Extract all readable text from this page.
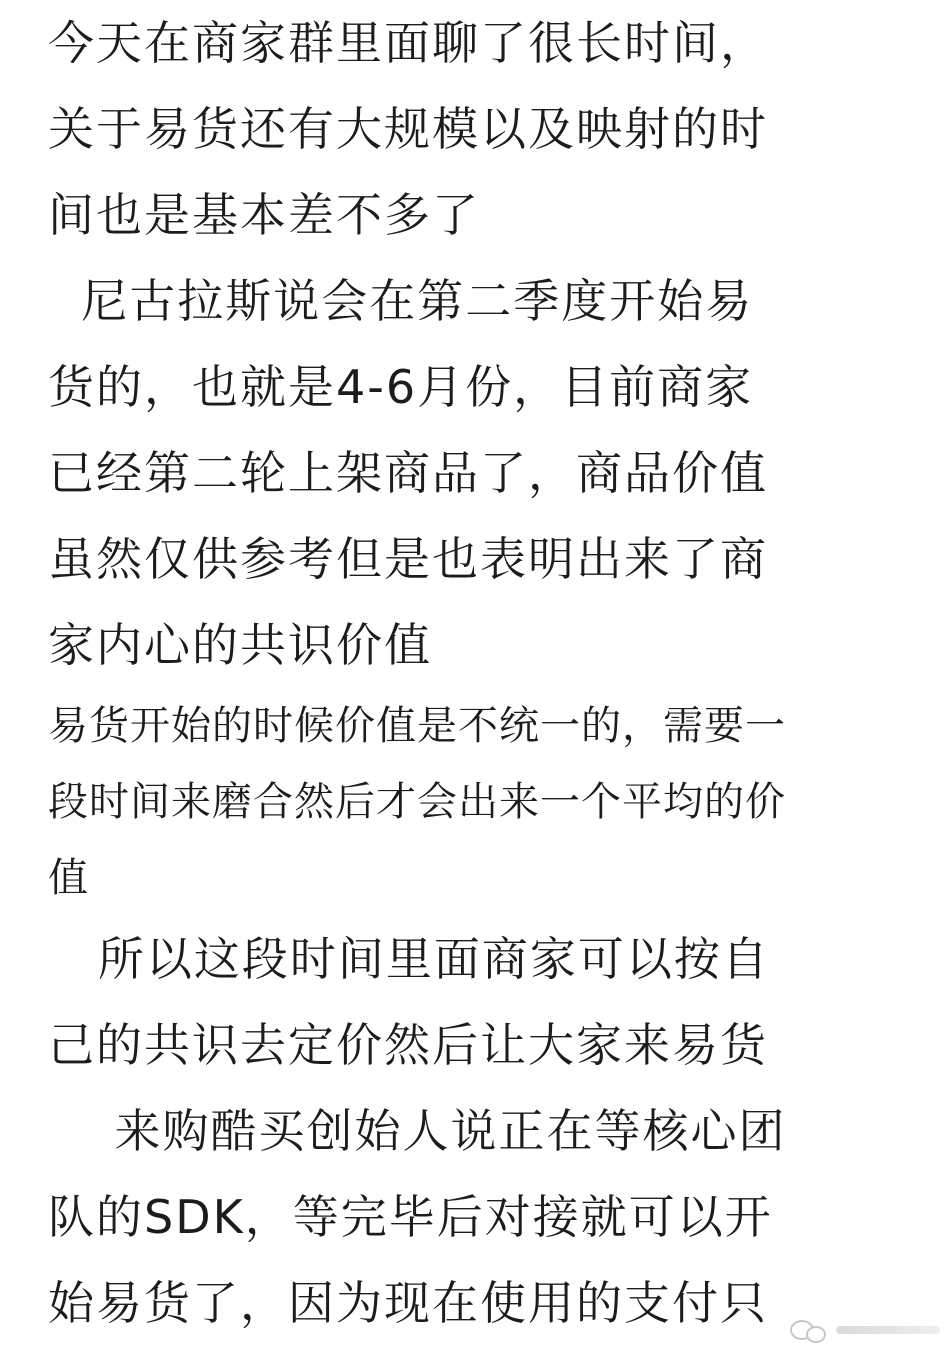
今天在商家群里面聊了很长时间，
关于易货还有大规模以及映射的时
间也是基本差不多了

尼古拉斯说会在第二季度开始易
货的，也就是4-6月份，目前商家
已经第二轮上架商品了，商品价值
虽然仅供参考但是也表明出来了商
家内心的共识价值

易货开始的时候价值是不统一的，需要一
段时间来磨合然后才会出来一个平均的价
值

所以这段时间里面商家可以按自
己的共识去定价然后让大家来易货

来购酷买创始人说正在等核心团
队的SDK，等完毕后对接就可以开
始易货了，因为现在使用的支付只
